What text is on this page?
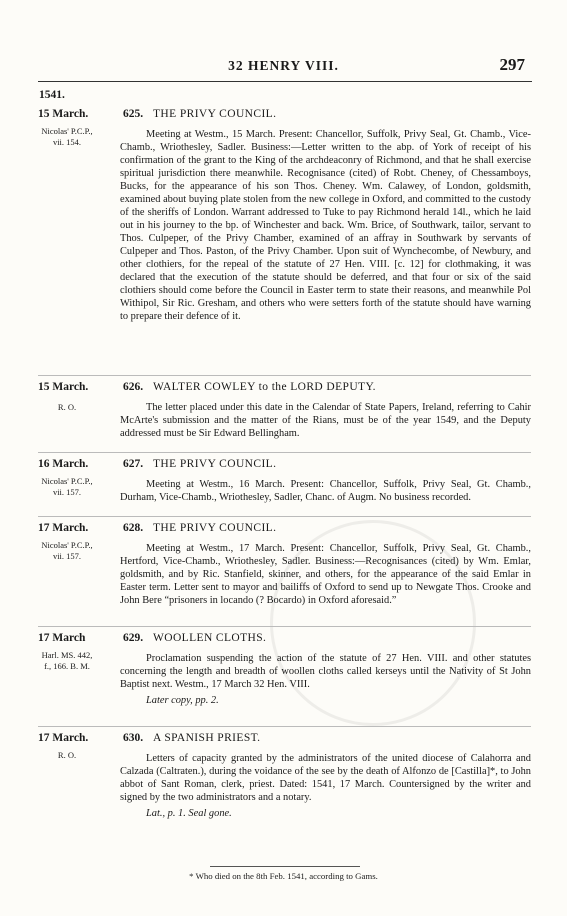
32 HENRY VIII.	297
1541.
15 March.	625. THE PRIVY COUNCIL.
Nicolas' P.C.P., vii. 154.
Meeting at Westm., 15 March. Present: Chancellor, Suffolk, Privy Seal, Gt. Chamb., Vice-Chamb., Wriothesley, Sadler. Business:—Letter written to the abp. of York of receipt of his confirmation of the grant to the King of the archdeaconry of Richmond, and that he shall exercise spiritual jurisdiction there meanwhile. Recognisance (cited) of Robt. Cheney, of Chessamboys, Bucks, for the appearance of his son Thos. Cheney. Wm. Calawey, of London, goldsmith, examined about buying plate stolen from the new college in Oxford, and committed to the custody of the sheriffs of London. Warrant addressed to Tuke to pay Richmond herald 14l., which he laid out in his journey to the bp. of Winchester and back. Wm. Brice, of Southwark, tailor, servant to Thos. Culpeper, of the Privy Chamber, examined of an affray in Southwark by servants of Culpeper and Thos. Paston, of the Privy Chamber. Upon suit of Wynchecombe, of Newbury, and other clothiers, for the repeal of the statute of 27 Hen. VIII. [c. 12] for clothmaking, it was declared that the execution of the statute should be deferred, and that four or six of the said clothiers should come before the Council in Easter term to state their reasons, and meanwhile Pol Withipol, Sir Ric. Gresham, and others who were setters forth of the statute should have warning to prepare their defence of it.
15 March.	626. WALTER COWLEY to the LORD DEPUTY.
R. O.	The letter placed under this date in the Calendar of State Papers, Ireland, referring to Cahir McArte's submission and the matter of the Rians, must be of the year 1549, and the Deputy addressed must be Sir Edward Bellingham.
16 March.	627. THE PRIVY COUNCIL.
Nicolas' P.C.P., vii. 157.
Meeting at Westm., 16 March. Present: Chancellor, Suffolk, Privy Seal, Gt. Chamb., Durham, Vice-Chamb., Wriothesley, Sadler, Chanc. of Augm. No business recorded.
17 March.	628. THE PRIVY COUNCIL.
Nicolas' P.C.P., vii. 157.
Meeting at Westm., 17 March. Present: Chancellor, Suffolk, Privy Seal, Gt. Chamb., Hertford, Vice-Chamb., Wriothesley, Sadler. Business:—Recognisances (cited) by Wm. Emlar, goldsmith, and by Ric. Stanfield, skinner, and others, for the appearance of the said Emlar in Easter term. Letter sent to mayor and bailiffs of Oxford to send up to Newgate Thos. Crooke and John Bere “prisoners in locando (? Bocardo) in Oxford aforesaid.”
17 March	629. WOOLLEN CLOTHS.
Harl. MS. 442, f., 166. B. M.
Proclamation suspending the action of the statute of 27 Hen. VIII. and other statutes concerning the length and breadth of woollen cloths called kerseys until the Nativity of St John Baptist next. Westm., 17 March 32 Hen. VIII.
Later copy, pp. 2.
17 March.	630. A SPANISH PRIEST.
R. O.	Letters of capacity granted by the administrators of the united diocese of Calahorra and Calzada (Caltraten.), during the voidance of the see by the death of Alfonzo de [Castilla]*, to John abbot of Sant Roman, clerk, priest. Dated: 1541, 17 March. Countersigned by the writer and signed by the two administrators and a notary.
Lat., p. 1. Seal gone.
* Who died on the 8th Feb. 1541, according to Gams.
